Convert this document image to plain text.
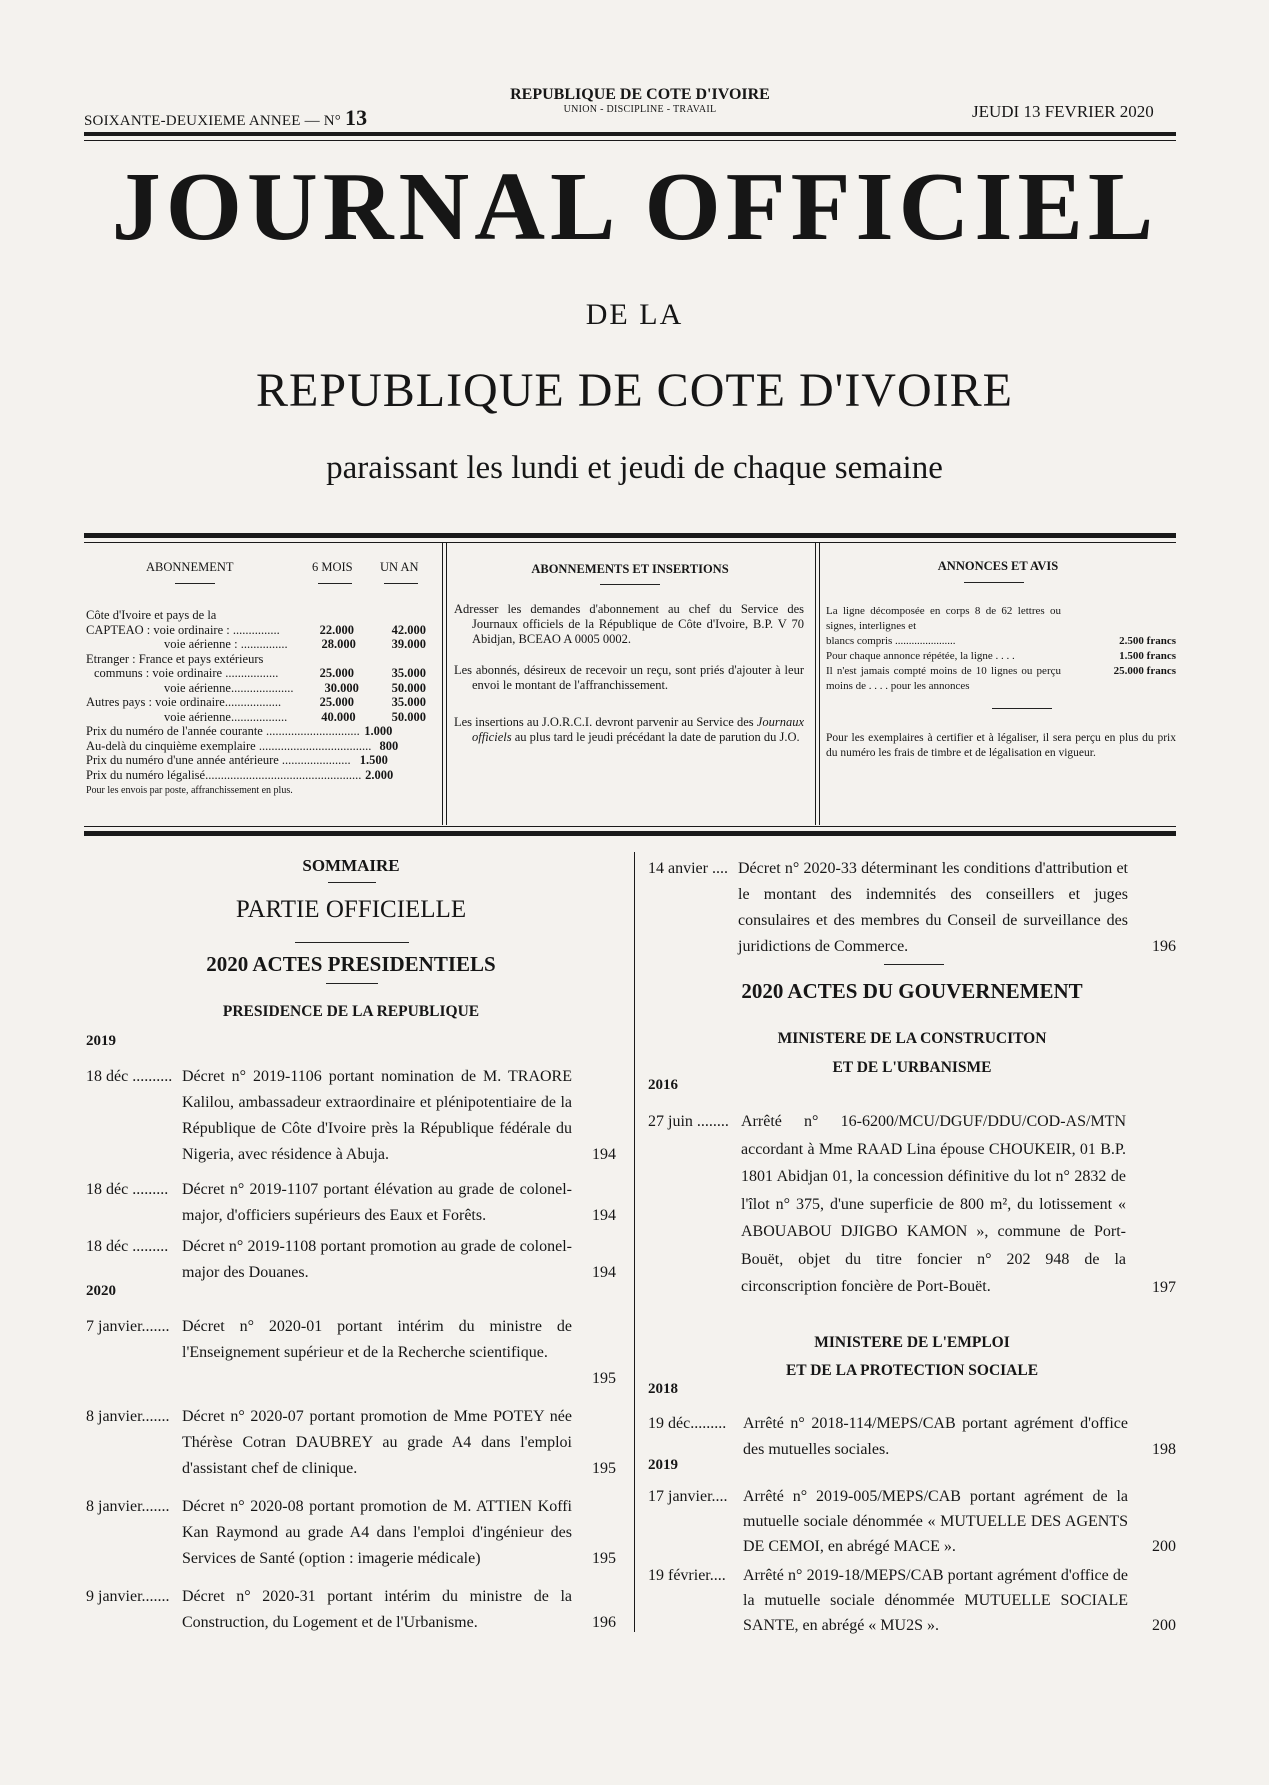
SOIXANTE-DEUXIEME ANNEE — N° 13
REPUBLIQUE DE COTE D'IVOIRE
UNION - DISCIPLINE - TRAVAIL	JEUDI 13 FEVRIER 2020
JOURNAL OFFICIEL
DE LA
REPUBLIQUE DE COTE D'IVOIRE
paraissant les lundi et jeudi de chaque semaine
ABONNEMENT	6 MOIS UN AN
Côte d'Ivoire et pays de la
CAPTEAO : voie ordinaire : ...............	22.000	42.000
voie aérienne : ...............	28.000	39.000
Etranger : France et pays extérieurs
communs : voie ordinaire .................	25.000	35.000
voie aérienne....................	30.000	50.000
Autres pays : voie ordinaire..................	25.000	35.000
voie aérienne..................	40.000	50.000
Prix du numéro de l'année courante .............................. 1.000
Au-delà du cinquième exemplaire .................................... 800
Prix du numéro d'une année antérieure ...................... 1.500
Prix du numéro légalisé.................................................. 2.000
Pour les envois par poste, affranchissement en plus.
ABONNEMENTS ET INSERTIONS

Adresser les demandes d'abonnement au chef du Service des Journaux officiels de la République de Côte d'Ivoire, B.P. V 70 Abidjan, BCEAO A 0005 0002.

Les abonnés, désireux de recevoir un reçu, sont priés d'ajouter à leur envoi le montant de l'affranchissement.

Les insertions au J.O.R.C.I. devront parvenir au Service des Journaux officiels au plus tard le jeudi précédant la date de parution du J.O.

ANNONCES ET AVIS
La ligne décomposée en corps 8 de 62 lettres ou signes, interlignes et
blancs compris ......................	2.500 francs
Pour chaque annonce répétée, la ligne . . . .	1.500 francs
Il n'est jamais compté moins de 10 lignes ou perçu moins de . . . . pour les annonces
25.000 francs
Pour les exemplaires à certifier et à légaliser, il sera perçu en plus du prix du numéro les frais de timbre et de légalisation en vigueur.
SOMMAIRE
PARTIE OFFICIELLE
2020 ACTES PRESIDENTIELS
PRESIDENCE DE LA REPUBLIQUE
2019
18 déc .......... Décret n° 2019-1106 portant nomination de M. TRAORE Kalilou, ambassadeur extraordinaire et plénipotentiaire de la République de Côte d'Ivoire près la République fédérale du Nigeria, avec résidence à Abuja.	194
18 déc ......... Décret n° 2019-1107 portant élévation au grade de colonel-major, d'officiers supérieurs des Eaux et Forêts.	194
18 déc ......... Décret n° 2019-1108 portant promotion au grade de colonel-major des Douanes.	194
2020
7 janvier....... Décret n° 2020-01 portant intérim du ministre de l'Enseignement supérieur et de la Recherche scientifique.
195
8 janvier....... Décret n° 2020-07 portant promotion de Mme POTEY née Thérèse Cotran DAUBREY au grade A4 dans l'emploi d'assistant chef de clinique.	195
8 janvier....... Décret n° 2020-08 portant promotion de M. ATTIEN Koffi Kan Raymond au grade A4 dans l'emploi d'ingénieur des Services de Santé (option : imagerie médicale)	195
9 janvier....... Décret n° 2020-31 portant intérim du ministre de la Construction, du Logement et de l'Urbanisme.	196
14 anvier .... Décret n° 2020-33 déterminant les conditions d'attribution et le montant des indemnités des conseillers et juges consulaires et des membres du Conseil de surveillance des juridictions de Commerce.	196
2020 ACTES DU GOUVERNEMENT
MINISTERE DE LA CONSTRUCITON
ET DE L'URBANISME
2016
27 juin ........ Arrêté n° 16-6200/MCU/DGUF/DDU/COD-AS/MTN accordant à Mme RAAD Lina épouse CHOUKEIR, 01 B.P. 1801 Abidjan 01, la concession définitive du lot n° 2832 de l'îlot n° 375, d'une superficie de 800 m², du lotissement « ABOUABOU DJIGBO KAMON », commune de Port-Bouët, objet du titre foncier n° 202 948 de la circonscription foncière de Port-Bouët.	197
MINISTERE DE L'EMPLOI
ET DE LA PROTECTION SOCIALE
2018
19 déc......... Arrêté n° 2018-114/MEPS/CAB portant agrément d'office des mutuelles sociales.	198
2019
17 janvier.... Arrêté n° 2019-005/MEPS/CAB portant agrément de la mutuelle sociale dénommée « MUTUELLE DES AGENTS DE CEMOI, en abrégé MACE ».	200
19 février.... Arrêté n° 2019-18/MEPS/CAB portant agrément d'office de la mutuelle sociale dénommée MUTUELLE SOCIALE SANTE, en abrégé « MU2S ».	200
